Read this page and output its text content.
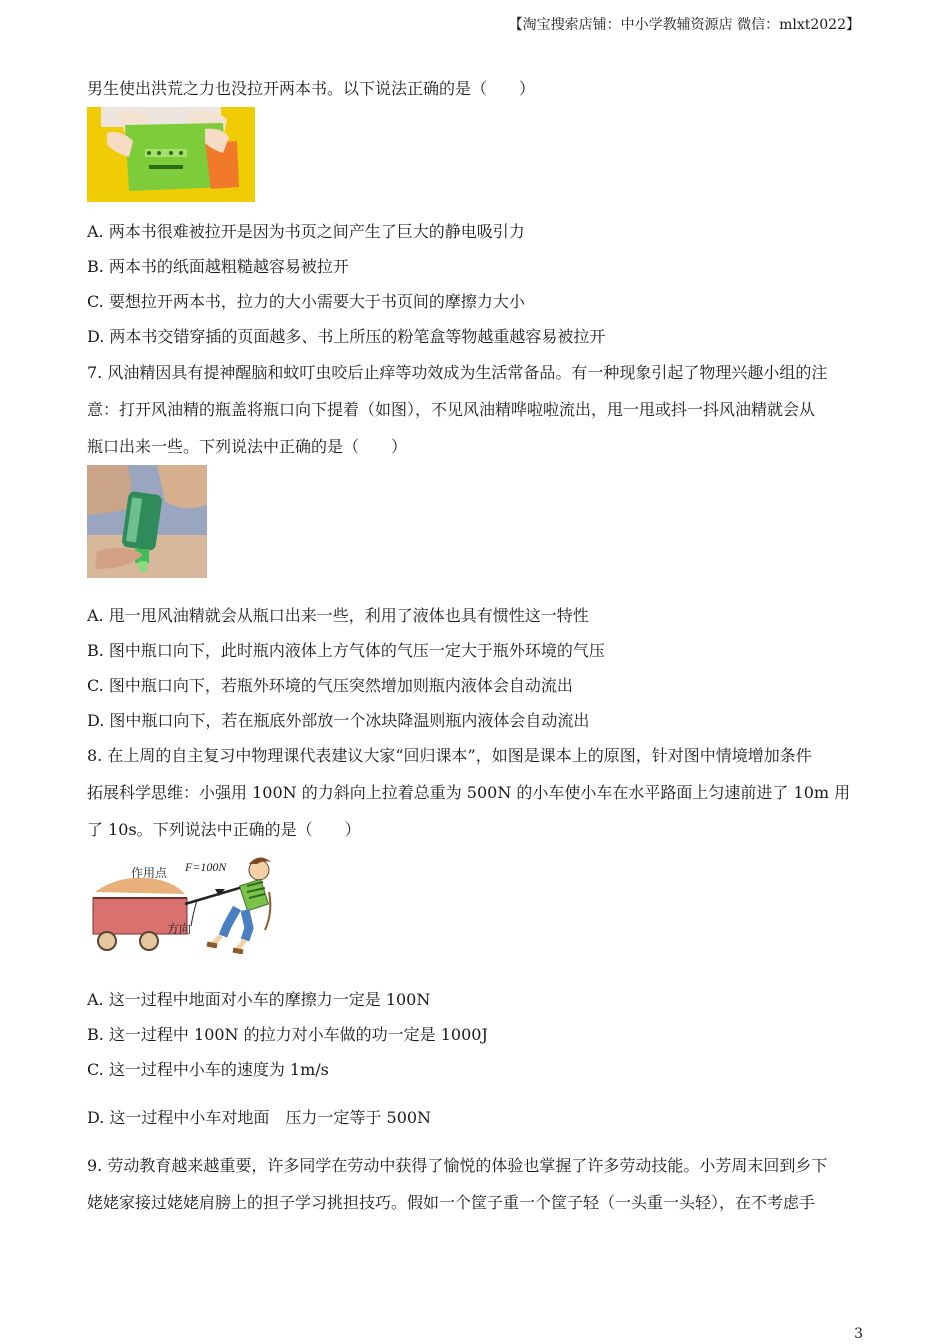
【淘宝搜索店铺：中小学教辅资源店 微信：mlxt2022】
男生使出洪荒之力也没拉开两本书。以下说法正确的是（　　）
A. 两本书很难被拉开是因为书页之间产生了巨大的静电吸引力
B. 两本书的纸面越粗糙越容易被拉开
C. 要想拉开两本书，拉力的大小需要大于书页间的摩擦力大小
D. 两本书交错穿插的页面越多、书上所压的粉笔盒等物越重越容易被拉开
7. 风油精因具有提神醒脑和蚊叮虫咬后止痒等功效成为生活常备品。有一种现象引起了物理兴趣小组的注
意：打开风油精的瓶盖将瓶口向下提着（如图），不见风油精哗啦啦流出，甩一甩或抖一抖风油精就会从
瓶口出来一些。下列说法中正确的是（　　）
A. 甩一甩风油精就会从瓶口出来一些，利用了液体也具有惯性这一特性
B. 图中瓶口向下，此时瓶内液体上方气体的气压一定大于瓶外环境的气压
C. 图中瓶口向下，若瓶外环境的气压突然增加则瓶内液体会自动流出
D. 图中瓶口向下，若在瓶底外部放一个冰块降温则瓶内液体会自动流出
8. 在上周的自主复习中物理课代表建议大家“回归课本”，如图是课本上的原图，针对图中情境增加条件
拓展科学思维：小强用 100N 的力斜向上拉着总重为 500N 的小车使小车在水平路面上匀速前进了 10m 用
了 10s。下列说法中正确的是（　　）
作用点 F=100N
方向
A. 这一过程中地面对小车的摩擦力一定是 100N
B. 这一过程中 100N 的拉力对小车做的功一定是 1000J
C. 这一过程中小车的速度为 1m/s
D. 这一过程中小车对地面　压力一定等于 500N
9. 劳动教育越来越重要，许多同学在劳动中获得了愉悦的体验也掌握了许多劳动技能。小芳周末回到乡下
姥姥家接过姥姥肩膀上的担子学习挑担技巧。假如一个筐子重一个筐子轻（一头重一头轻），在不考虑手
3
